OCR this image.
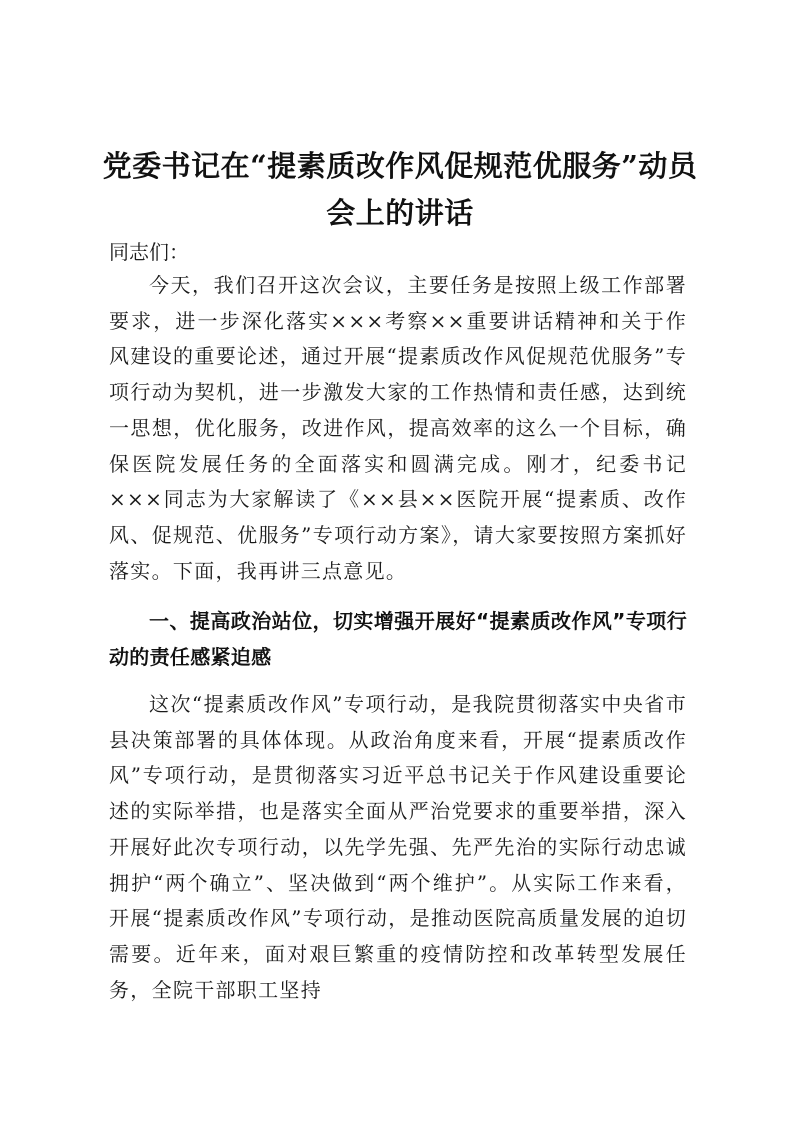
党委书记在“提素质改作风促规范优服务”动员会上的讲话
同志们：
今天，我们召开这次会议，主要任务是按照上级工作部署要求，进一步深化落实×××考察××重要讲话精神和关于作风建设的重要论述，通过开展“提素质改作风促规范优服务”专项行动为契机，进一步激发大家的工作热情和责任感，达到统一思想，优化服务，改进作风，提高效率的这么一个目标，确保医院发展任务的全面落实和圆满完成。刚才，纪委书记×××同志为大家解读了《××县××医院开展“提素质、改作风、促规范、优服务”专项行动方案》，请大家要按照方案抓好落实。下面，我再讲三点意见。
一、提高政治站位，切实增强开展好“提素质改作风”专项行动的责任感紧迫感
这次“提素质改作风”专项行动，是我院贯彻落实中央省市县决策部署的具体体现。从政治角度来看，开展“提素质改作风”专项行动，是贯彻落实习近平总书记关于作风建设重要论述的实际举措，也是落实全面从严治党要求的重要举措，深入开展好此次专项行动，以先学先强、先严先治的实际行动忠诚拥护“两个确立”、坚决做到“两个维护”。从实际工作来看，开展“提素质改作风”专项行动，是推动医院高质量发展的迫切需要。近年来，面对艰巨繁重的疫情防控和改革转型发展任务，全院干部职工坚持
